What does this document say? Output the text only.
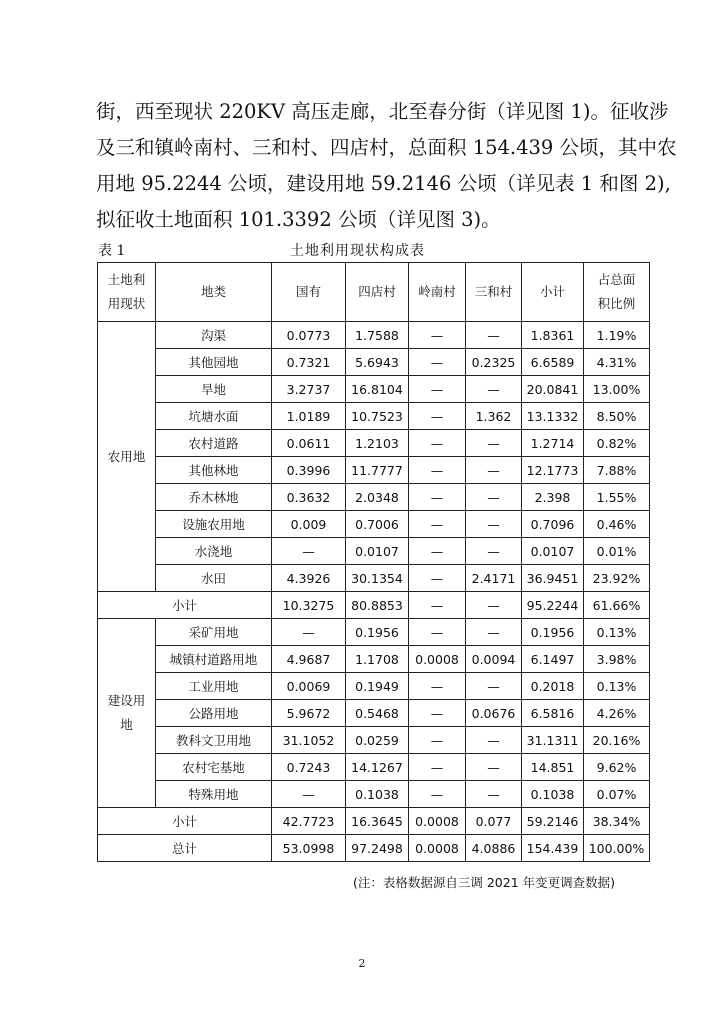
街，西至现状 220KV 高压走廊，北至春分街（详见图 1)。征收涉
及三和镇岭南村、三和村、四店村，总面积 154.439 公顷，其中农
用地 95.2244 公顷，建设用地 59.2146 公顷（详见表 1 和图 2),
拟征收土地面积 101.3392 公顷（详见图 3)。
表 1	土地利用现状构成表
土地利
用现状	地类	国有	四店村	岭南村	三和村	小计	占总面
积比例
农用地	沟渠	0.0773	1.7588	—	—	1.8361	1.19%
	其他园地	0.7321	5.6943	—	0.2325	6.6589	4.31%
	旱地	3.2737	16.8104	—	—	20.0841	13.00%
	坑塘水面	1.0189	10.7523	—	1.362	13.1332	8.50%
	农村道路	0.0611	1.2103	—	—	1.2714	0.82%
	其他林地	0.3996	11.7777	—	—	12.1773	7.88%
	乔木林地	0.3632	2.0348	—	—	2.398	1.55%
	设施农用地	0.009	0.7006	—	—	0.7096	0.46%
	水浇地	—	0.0107	—	—	0.0107	0.01%
	水田	4.3926	30.1354	—	2.4171	36.9451	23.92%
小计		10.3275	80.8853	—	—	95.2244	61.66%
建设用
地	采矿用地	—	0.1956	—	—	0.1956	0.13%
	城镇村道路用地	4.9687	1.1708	0.0008	0.0094	6.1497	3.98%
	工业用地	0.0069	0.1949	—	—	0.2018	0.13%
	公路用地	5.9672	0.5468	—	0.0676	6.5816	4.26%
	教科文卫用地	31.1052	0.0259	—	—	31.1311	20.16%
	农村宅基地	0.7243	14.1267	—	—	14.851	9.62%
	特殊用地	—	0.1038	—	—	0.1038	0.07%
小计		42.7723	16.3645	0.0008	0.077	59.2146	38.34%
总计		53.0998	97.2498	0.0008	4.0886	154.439	100.00%
(注：表格数据源自三调 2021 年变更调查数据)
2
